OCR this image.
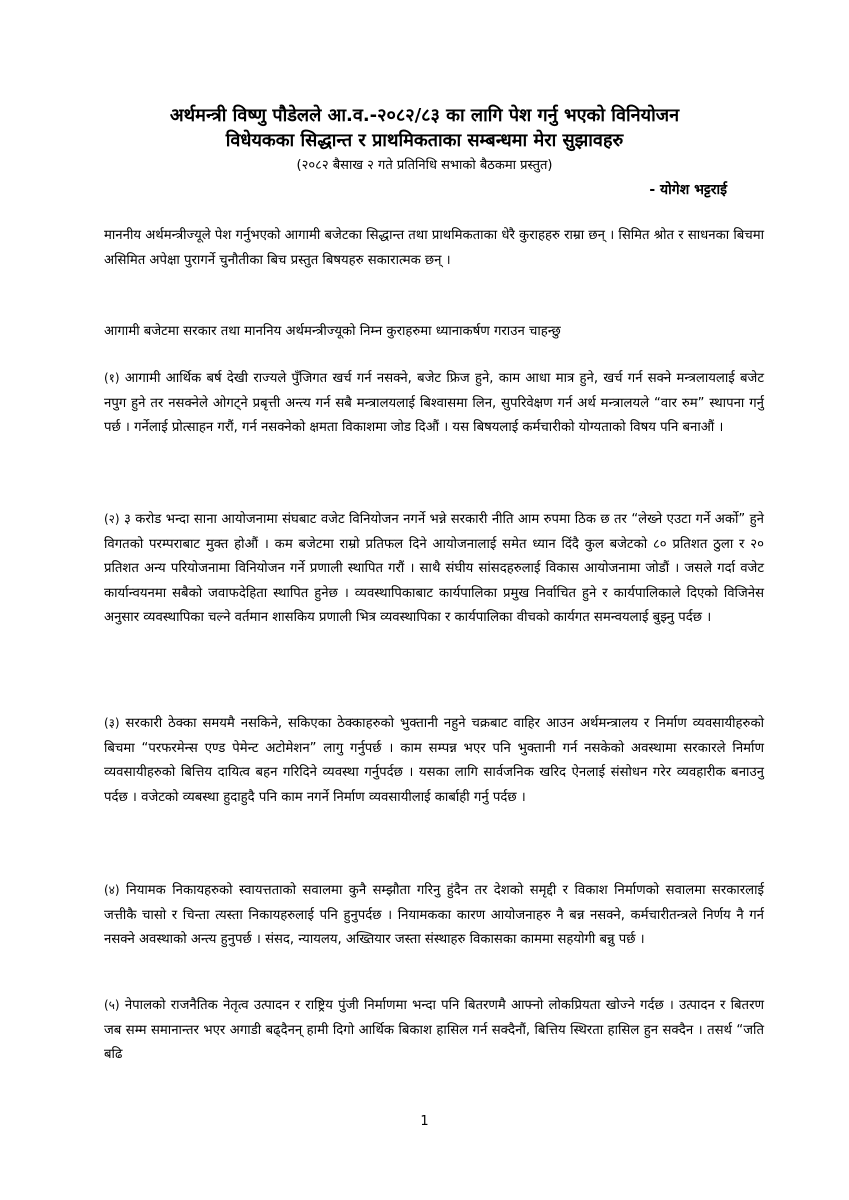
अर्थमन्त्री विष्णु पौडेलले आ.व.-२०८२/८३ का लागि पेश गर्नु भएको विनियोजन

विधेयकका सिद्धान्त र प्राथमिकताका सम्बन्धमा मेरा सुझावहरु

(२०८२ बैसाख २ गते प्रतिनिधि सभाको बैठकमा प्रस्तुत)

- योगेश भट्टराई

माननीय अर्थमन्त्रीज्यूले पेश गर्नुभएको आगामी बजेटका सिद्धान्त तथा प्राथमिकताका धेरै कुराहहरु राम्रा छन् । सिमित श्रोत र साधनका बिचमा असिमित अपेक्षा पुरागर्ने चुनौतीका बिच प्रस्तुत बिषयहरु सकारात्मक छन् ।

आगामी बजेटमा सरकार तथा माननिय अर्थमन्त्रीज्यूको निम्न कुराहरुमा ध्यानाकर्षण गराउन चाहन्छु

(१) आगामी आर्थिक बर्ष देखी राज्यले पुँजिगत खर्च गर्न नसक्ने, बजेट फ्रिज हुने, काम आधा मात्र हुने, खर्च गर्न सक्ने मन्त्रलायलाई बजेट नपुग हुने तर नसक्नेले ओगट्ने प्रबृत्ती अन्त्य गर्न सबै मन्त्रालयलाई बिश्वासमा लिन, सुपरिवेक्षण गर्न अर्थ मन्त्रालयले “वार रुम” स्थापना गर्नु पर्छ । गर्नेलाई प्रोत्साहन गरौं, गर्न नसक्नेको क्षमता विकाशमा जोड दिऔं । यस बिषयलाई कर्मचारीको योग्यताको विषय पनि बनाऔं ।

(२) ३ करोड भन्दा साना आयोजनामा संघबाट वजेट विनियोजन नगर्ने भन्ने सरकारी नीति आम रुपमा ठिक छ तर “लेख्ने एउटा गर्ने अर्को” हुने विगतको परम्पराबाट मुक्त होऔं । कम बजेटमा राम्रो प्रतिफल दिने आयोजनालाई समेत ध्यान दिंदै कुल बजेटको ८० प्रतिशत ठुला र २० प्रतिशत अन्य परियोजनामा विनियोजन गर्ने प्रणाली स्थापित गरौं । साथै संघीय सांसदहरुलाई विकास आयोजनामा जोडौं । जसले गर्दा वजेट कार्यान्वयनमा सबैको जवाफदेहिता स्थापित हुनेछ । व्यवस्थापिकाबाट कार्यपालिका प्रमुख निर्वाचित हुने र कार्यपालिकाले दिएको विजिनेस अनुसार व्यवस्थापिका चल्ने वर्तमान शासकिय प्रणाली भित्र व्यवस्थापिका र कार्यपालिका वीचको कार्यगत समन्वयलाई बुझ्नु पर्दछ ।

(३) सरकारी ठेक्का समयमै नसकिने, सकिएका ठेक्काहरुको भुक्तानी नहुने चक्रबाट वाहिर आउन अर्थमन्त्रालय र निर्माण व्यवसायीहरुको बिचमा “परफरमेन्स एण्ड पेमेन्ट अटोमेशन” लागु गर्नुपर्छ । काम सम्पन्न भएर पनि भुक्तानी गर्न नसकेको अवस्थामा सरकारले निर्माण व्यवसायीहरुको बित्तिय दायित्व बहन गरिदिने व्यवस्था गर्नुपर्दछ । यसका लागि सार्वजनिक खरिद ऐनलाई संसोधन गरेर व्यवहारीक बनाउनु पर्दछ । वजेटको व्यबस्था हुदाहुदै पनि काम नगर्ने निर्माण व्यवसायीलाई कार्बाही गर्नु पर्दछ ।

(४) नियामक निकायहरुको स्वायत्तताको सवालमा कुनै सम्झौता गरिनु हुंदैन तर देशको समृद्दी र विकाश निर्माणको सवालमा सरकारलाई जत्तीकै चासो र चिन्ता त्यस्ता निकायहरुलाई पनि हुनुपर्दछ । नियामकका कारण आयोजनाहरु नै बन्न नसक्ने, कर्मचारीतन्त्रले निर्णय नै गर्न नसक्ने अवस्थाको अन्त्य हुनुपर्छ । संसद, न्यायलय, अख्तियार जस्ता संस्थाहरु विकासका काममा सहयोगी बन्नु पर्छ ।

(५) नेपालको राजनैतिक नेतृत्व उत्पादन र राष्ट्रिय पुंजी निर्माणमा भन्दा पनि बितरणमै आफ्नो लोकप्रियता खोज्ने गर्दछ । उत्पादन र बितरण जब सम्म समानान्तर भएर अगाडी बढ्दैनन् हामी दिगो आर्थिक बिकाश हासिल गर्न सक्दैनौं, बित्तिय स्थिरता हासिल हुन सक्दैन । तसर्थ “जति बढि

1
